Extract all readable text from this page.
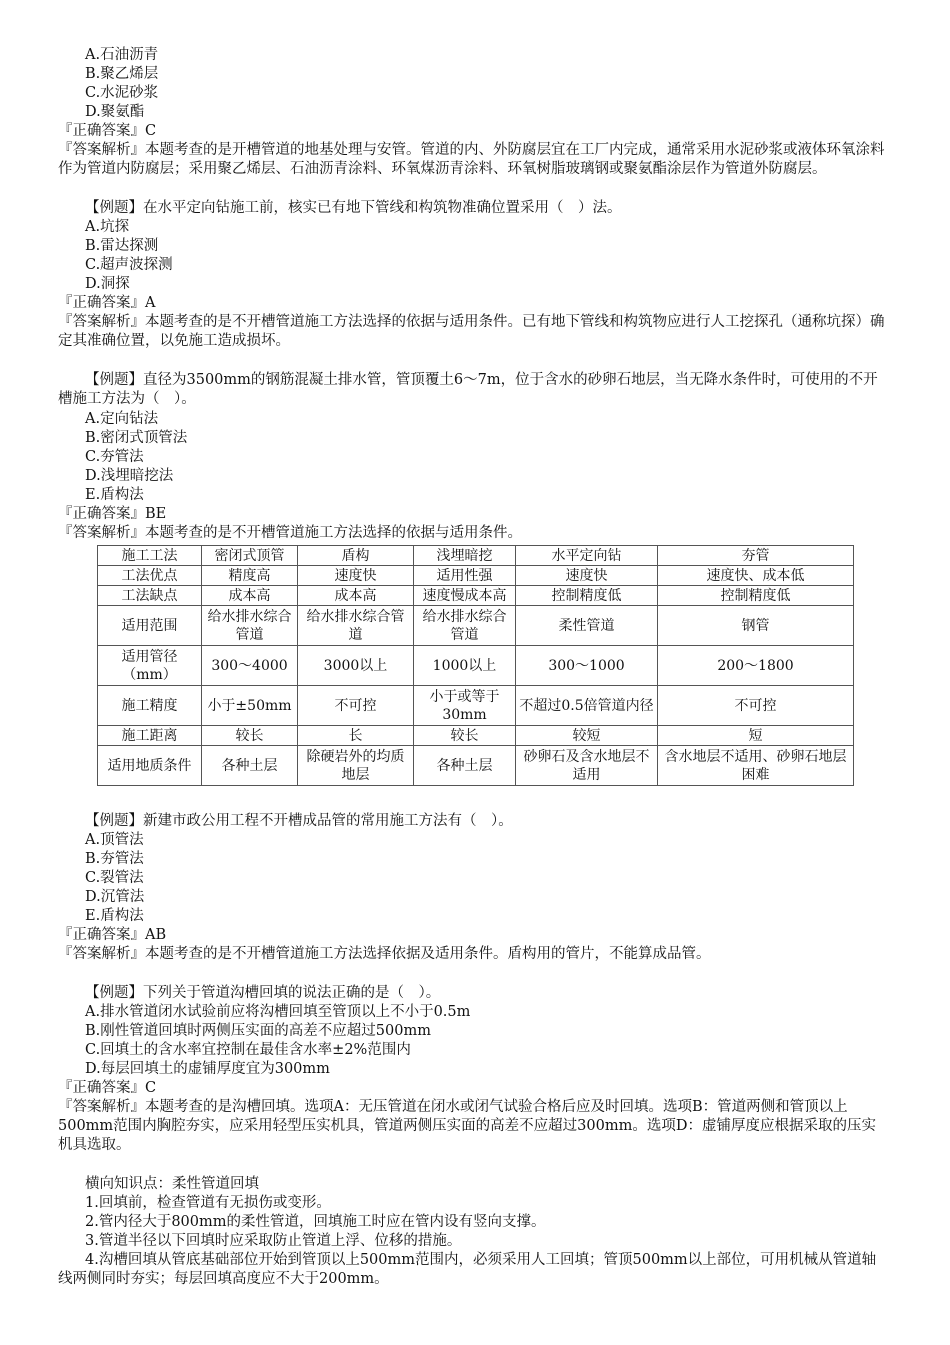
A.石油沥青
B.聚乙烯层
C.水泥砂浆
D.聚氨酯
『正确答案』C
『答案解析』本题考查的是开槽管道的地基处理与安管。管道的内、外防腐层宜在工厂内完成，通常采用水泥砂浆或液体环氧涂料作为管道内防腐层；采用聚乙烯层、石油沥青涂料、环氧煤沥青涂料、环氧树脂玻璃钢或聚氨酯涂层作为管道外防腐层。
【例题】在水平定向钻施工前，核实已有地下管线和构筑物准确位置采用（　）法。
A.坑探
B.雷达探测
C.超声波探测
D.洞探
『正确答案』A
『答案解析』本题考查的是不开槽管道施工方法选择的依据与适用条件。已有地下管线和构筑物应进行人工挖探孔（通称坑探）确定其准确位置，以免施工造成损坏。
【例题】直径为3500mm的钢筋混凝土排水管，管顶覆土6～7m，位于含水的砂卵石地层，当无降水条件时，可使用的不开槽施工方法为（　）。
A.定向钻法
B.密闭式顶管法
C.夯管法
D.浅埋暗挖法
E.盾构法
『正确答案』BE
『答案解析』本题考查的是不开槽管道施工方法选择的依据与适用条件。
施工工法	密闭式顶管	盾构	浅埋暗挖	水平定向钻	夯管
工法优点	精度高	速度快	适用性强	速度快	速度快、成本低
工法缺点	成本高	成本高	速度慢成本高	控制精度低	控制精度低
适用范围	给水排水综合管道	给水排水综合管道	给水排水综合管道	柔性管道	钢管
适用管径（mm）	300～4000	3000以上	1000以上	300～1000	200～1800
施工精度	小于±50mm	不可控	小于或等于30mm	不超过0.5倍管道内径	不可控
施工距离	较长	长	较长	较短	短
适用地质条件	各种土层	除硬岩外的均质地层	各种土层	砂卵石及含水地层不适用	含水地层不适用、砂卵石地层困难
【例题】新建市政公用工程不开槽成品管的常用施工方法有（　）。
A.顶管法
B.夯管法
C.裂管法
D.沉管法
E.盾构法
『正确答案』AB
『答案解析』本题考查的是不开槽管道施工方法选择依据及适用条件。盾构用的管片，不能算成品管。
【例题】下列关于管道沟槽回填的说法正确的是（　）。
A.排水管道闭水试验前应将沟槽回填至管顶以上不小于0.5m
B.刚性管道回填时两侧压实面的高差不应超过500mm
C.回填土的含水率宜控制在最佳含水率±2%范围内
D.每层回填土的虚铺厚度宜为300mm
『正确答案』C
『答案解析』本题考查的是沟槽回填。选项A：无压管道在闭水或闭气试验合格后应及时回填。选项B：管道两侧和管顶以上500mm范围内胸腔夯实，应采用轻型压实机具，管道两侧压实面的高差不应超过300mm。选项D：虚铺厚度应根据采取的压实机具选取。
横向知识点：柔性管道回填
1.回填前，检查管道有无损伤或变形。
2.管内径大于800mm的柔性管道，回填施工时应在管内设有竖向支撑。
3.管道半径以下回填时应采取防止管道上浮、位移的措施。
4.沟槽回填从管底基础部位开始到管顶以上500mm范围内，必须采用人工回填；管顶500mm以上部位，可用机械从管道轴线两侧同时夯实；每层回填高度应不大于200mm。
